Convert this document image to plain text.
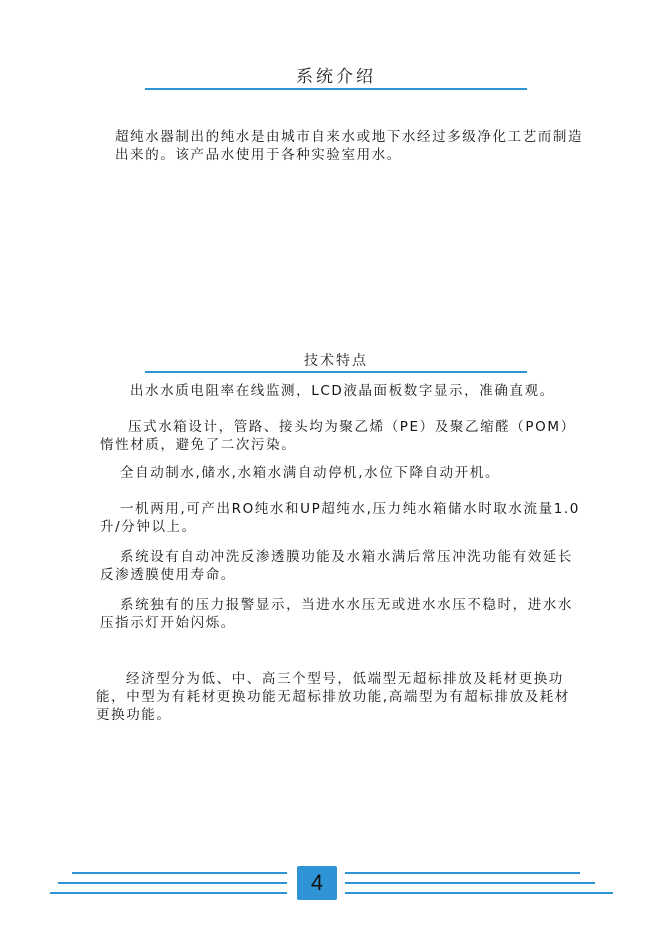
系统介绍
超纯水器制出的纯水是由城市自来水或地下水经过多级净化工艺而制造出来的。该产品水使用于各种实验室用水。
技术特点
出水水质电阻率在线监测，LCD液晶面板数字显示，准确直观。
压式水箱设计，管路、接头均为聚乙烯（PE）及聚乙缩醛（POM）惰性材质，避免了二次污染。
全自动制水,储水,水箱水满自动停机,水位下降自动开机。
一机两用,可产出RO纯水和UP超纯水,压力纯水箱储水时取水流量1.0升/分钟以上。
系统设有自动冲洗反渗透膜功能及水箱水满后常压冲洗功能有效延长反渗透膜使用寿命。
系统独有的压力报警显示，当进水水压无或进水水压不稳时，进水水压指示灯开始闪烁。
经济型分为低、中、高三个型号，低端型无超标排放及耗材更换功能，中型为有耗材更换功能无超标排放功能,高端型为有超标排放及耗材更换功能。
4
